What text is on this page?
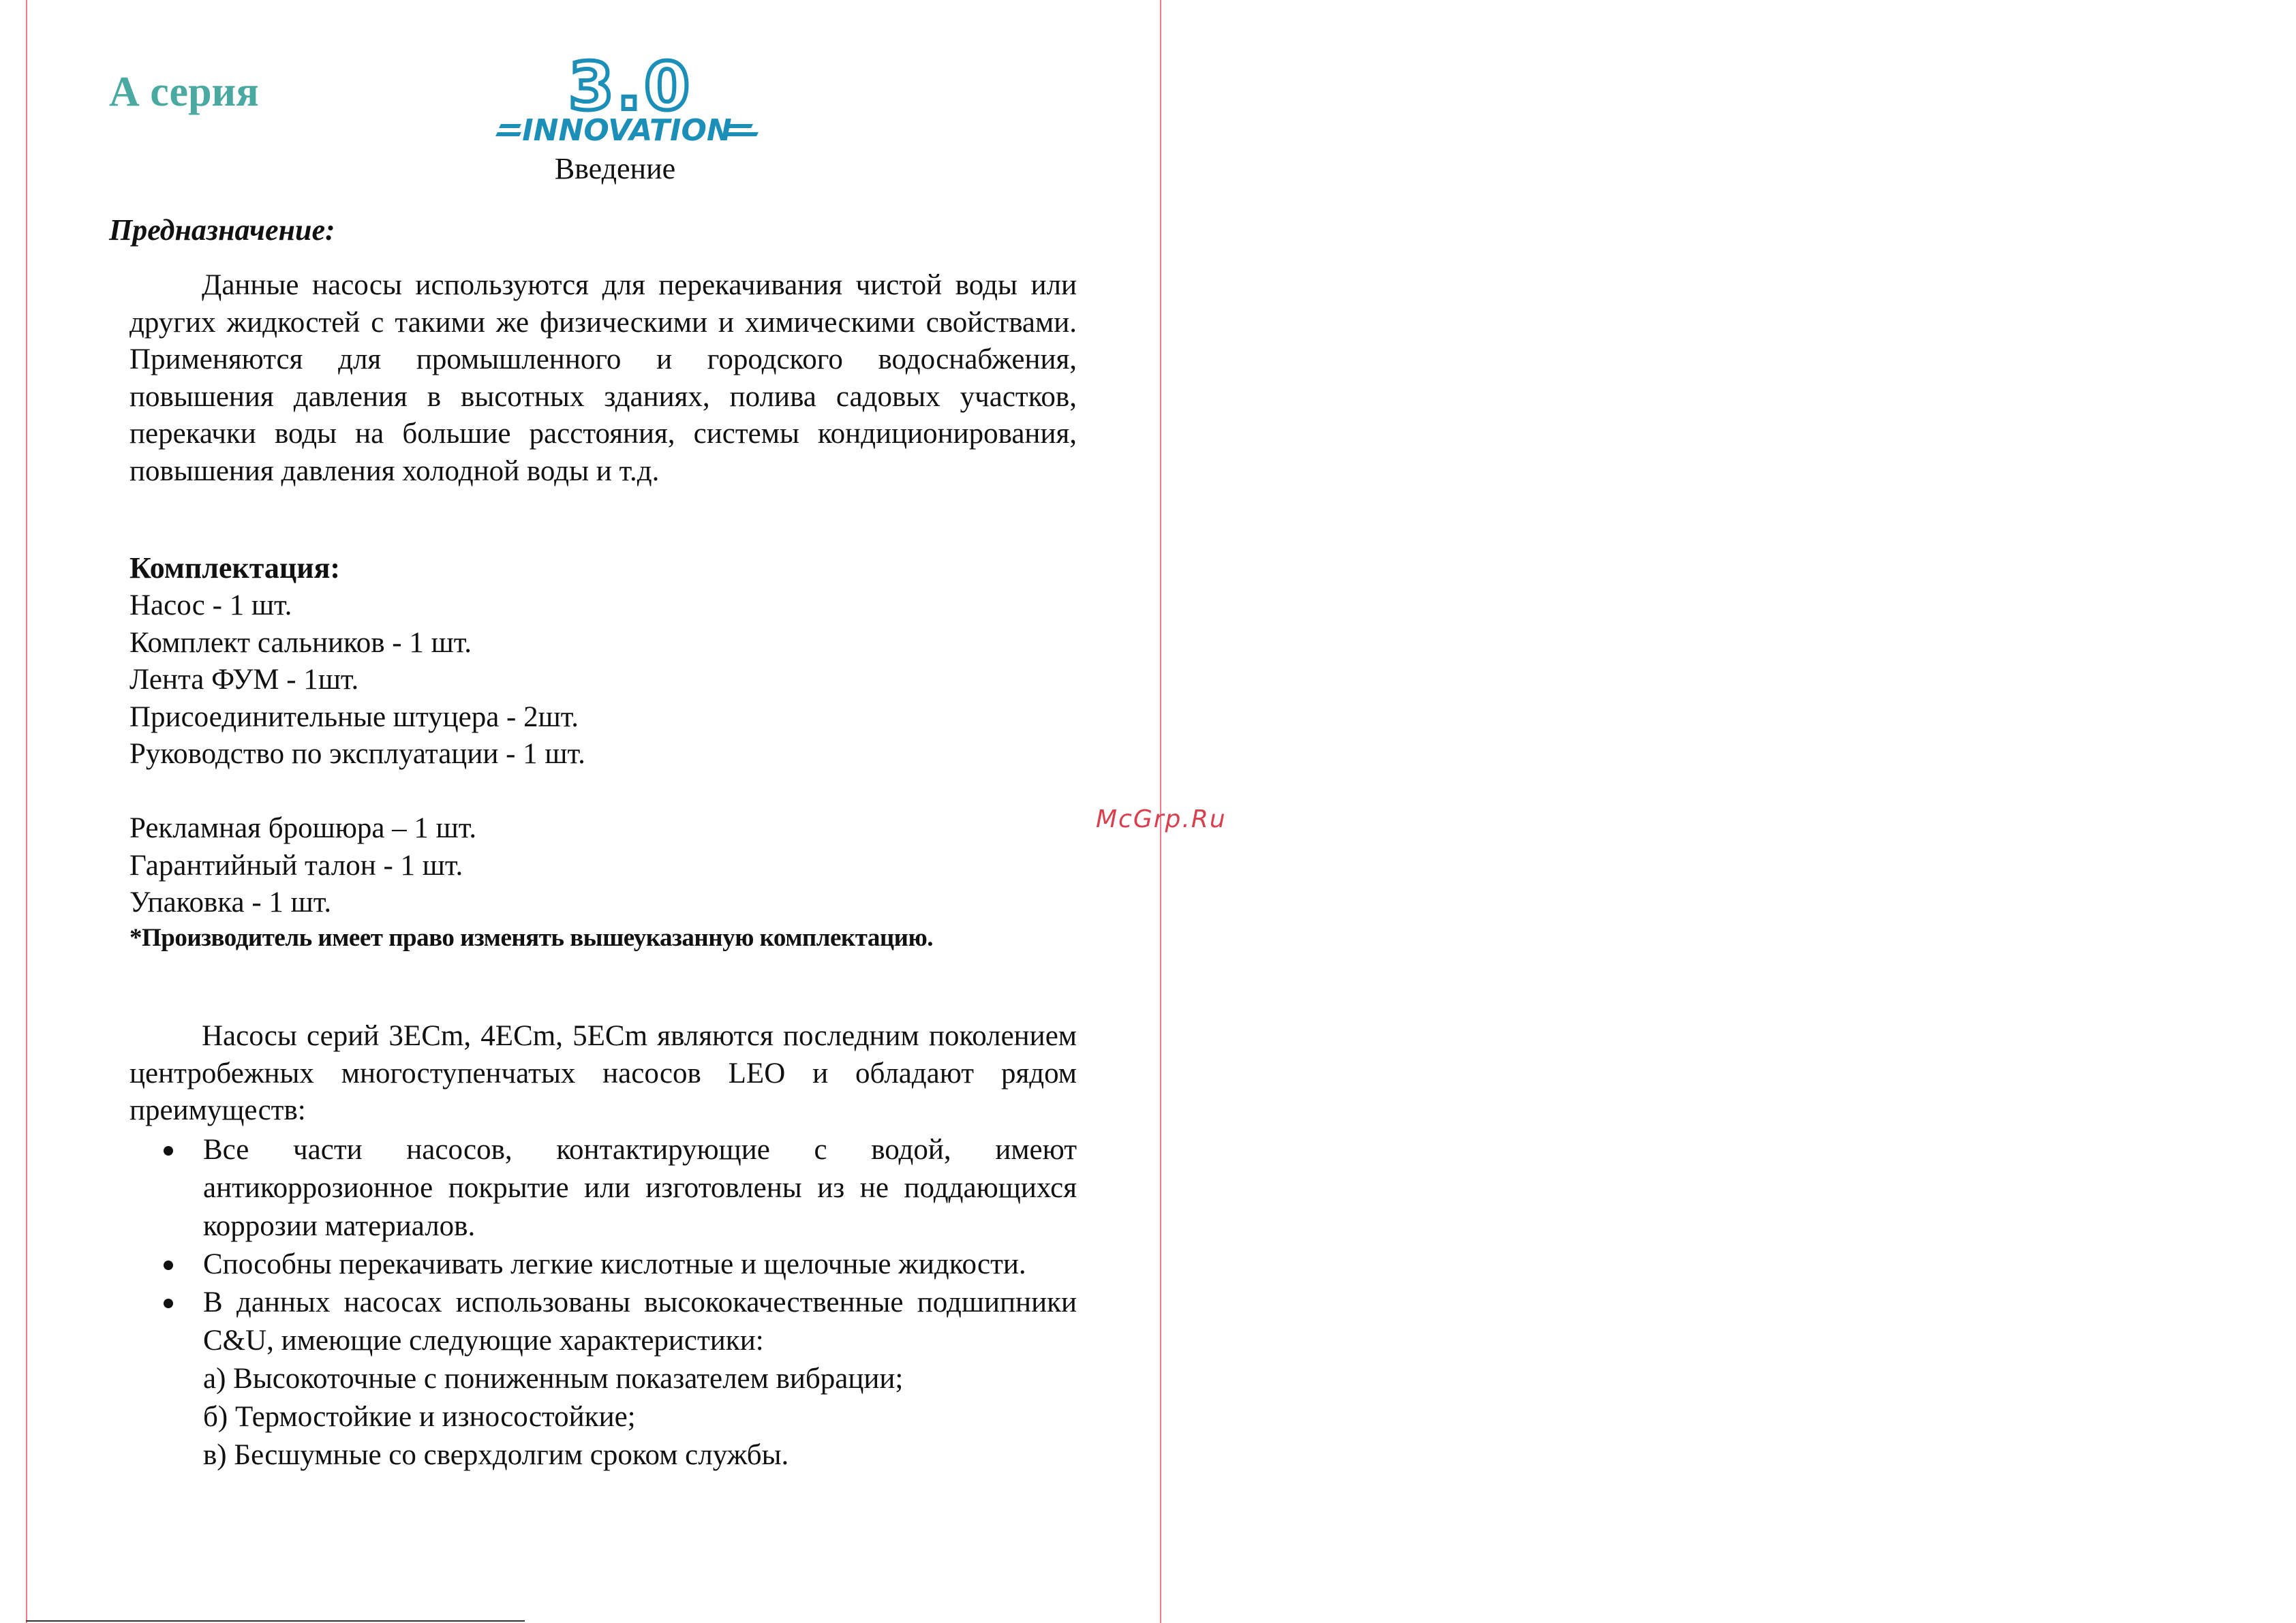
А серия	3.0
INNOVATION
Введение
Предназначение:

Данные насосы используются для перекачивания чистой воды или других жидкостей с такими же физическими и химическими свойствами. Применяются для промышленного и городского водоснабжения, повышения давления в высотных зданиях, полива садовых участков, перекачки воды на большие расстояния, системы кондиционирования, повышения давления холодной воды и т.д.

Комплектация:
Насос - 1 шт.
Комплект сальников - 1 шт.
Лента ФУМ - 1шт.
Присоединительные штуцера - 2шт.
Руководство по эксплуатации - 1 шт.
Рекламная брошюра – 1 шт.
Гарантийный талон - 1 шт.
Упаковка - 1 шт.

*Производитель имеет право изменять вышеуказанную комплектацию.

Насосы серий 3ECm, 4ECm, 5ECm являются последним поколением центробежных многоступенчатых насосов LEO и обладают рядом преимуществ:

Все части насосов, контактирующие с водой, имеют антикоррозионное покрытие или изготовлены из не поддающихся коррозии материалов.
Способны перекачивать легкие кислотные и щелочные жидкости.
В данных насосах использованы высококачественные подшипники C&U, имеющие следующие характеристики:
а) Высокоточные с пониженным показателем вибрации;
б) Термостойкие и износостойкие;
в) Бесшумные со сверхдолгим сроком службы.
McGrp.Ru
